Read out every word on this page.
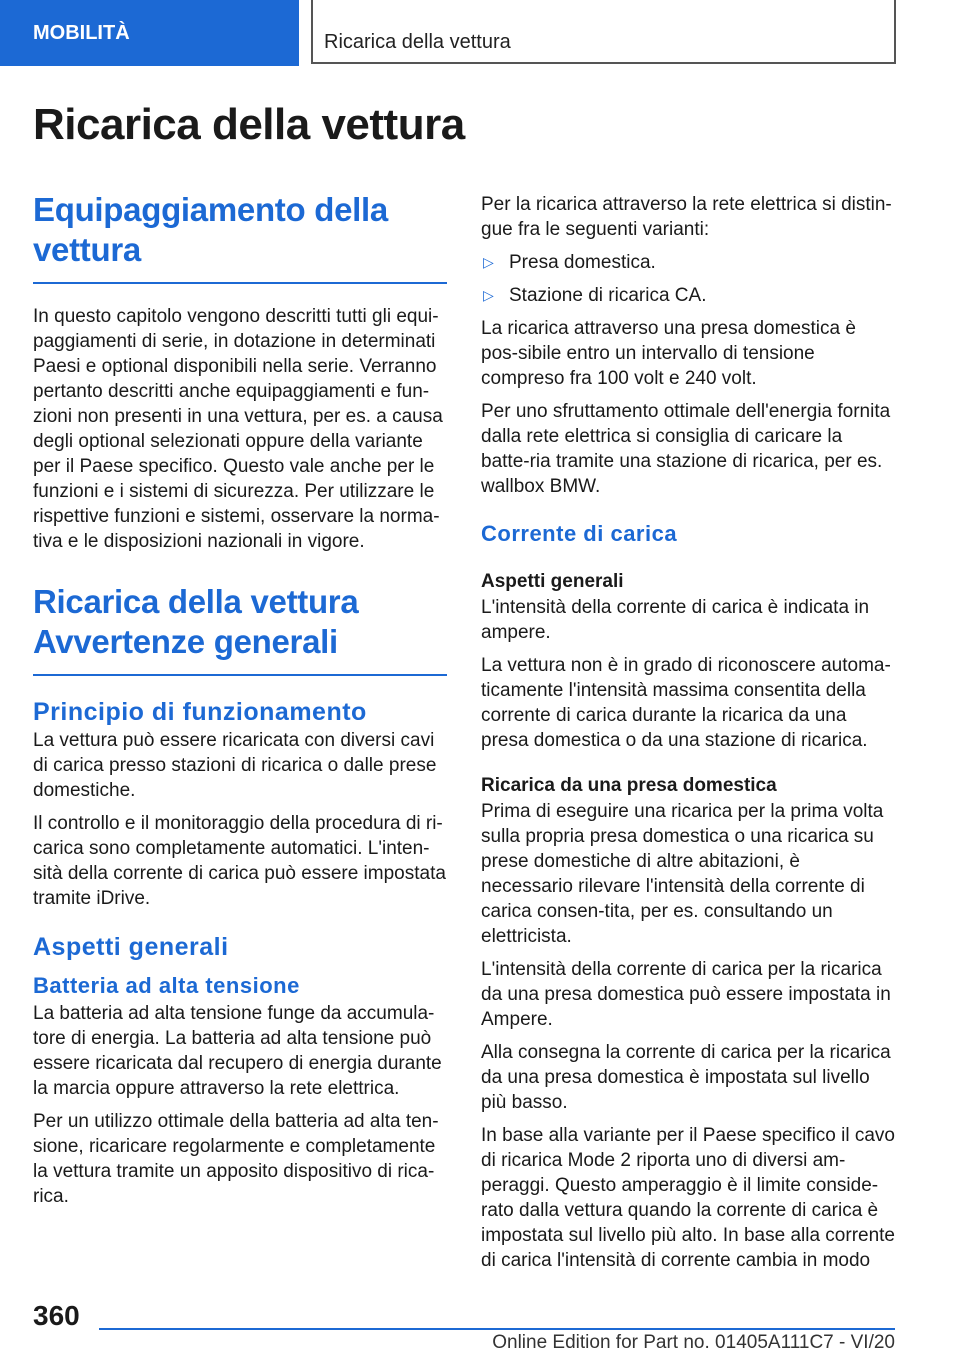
MOBILITÀ	Ricarica della vettura
Ricarica della vettura
Equipaggiamento della vettura

In questo capitolo vengono descritti tutti gli equi-paggiamenti di serie, in dotazione in determinati Paesi e optional disponibili nella serie. Verranno pertanto descritti anche equipaggiamenti e fun-zioni non presenti in una vettura, per es. a causa degli optional selezionati oppure della variante per il Paese specifico. Questo vale anche per le funzioni e i sistemi di sicurezza. Per utilizzare le rispettive funzioni e sistemi, osservare la norma-tiva e le disposizioni nazionali in vigore.

Ricarica della vettura Avvertenze generali
Principio di funzionamento

La vettura può essere ricaricata con diversi cavi di carica presso stazioni di ricarica o dalle prese domestiche.

Il controllo e il monitoraggio della procedura di ri-carica sono completamente automatici. L'inten-sità della corrente di carica può essere impostata tramite iDrive.

Aspetti generali
Batteria ad alta tensione

La batteria ad alta tensione funge da accumula-tore di energia. La batteria ad alta tensione può essere ricaricata dal recupero di energia durante la marcia oppure attraverso la rete elettrica.

Per un utilizzo ottimale della batteria ad alta ten-sione, ricaricare regolarmente e completamente la vettura tramite un apposito dispositivo di rica-rica.

Per la ricarica attraverso la rete elettrica si distin-gue fra le seguenti varianti:

▷ Presa domestica.
▷ Stazione di ricarica CA.

La ricarica attraverso una presa domestica è pos-sibile entro un intervallo di tensione compreso fra 100 volt e 240 volt.

Per uno sfruttamento ottimale dell'energia fornita dalla rete elettrica si consiglia di caricare la batte-ria tramite una stazione di ricarica, per es. wallbox BMW.

Corrente di carica
Aspetti generali

L'intensità della corrente di carica è indicata in ampere.

La vettura non è in grado di riconoscere automa-ticamente l'intensità massima consentita della corrente di carica durante la ricarica da una presa domestica o da una stazione di ricarica.

Ricarica da una presa domestica

Prima di eseguire una ricarica per la prima volta sulla propria presa domestica o una ricarica su prese domestiche di altre abitazioni, è necessario rilevare l'intensità della corrente di carica consen-tita, per es. consultando un elettricista.

L'intensità della corrente di carica per la ricarica da una presa domestica può essere impostata in Ampere.

Alla consegna la corrente di carica per la ricarica da una presa domestica è impostata sul livello più basso.

In base alla variante per il Paese specifico il cavo di ricarica Mode 2 riporta uno di diversi am-peraggi. Questo amperaggio è il limite conside-rato dalla vettura quando la corrente di carica è impostata sul livello più alto. In base alla corrente di carica l'intensità di corrente cambia in modo

360
Online Edition for Part no. 01405A111C7 - VI/20
